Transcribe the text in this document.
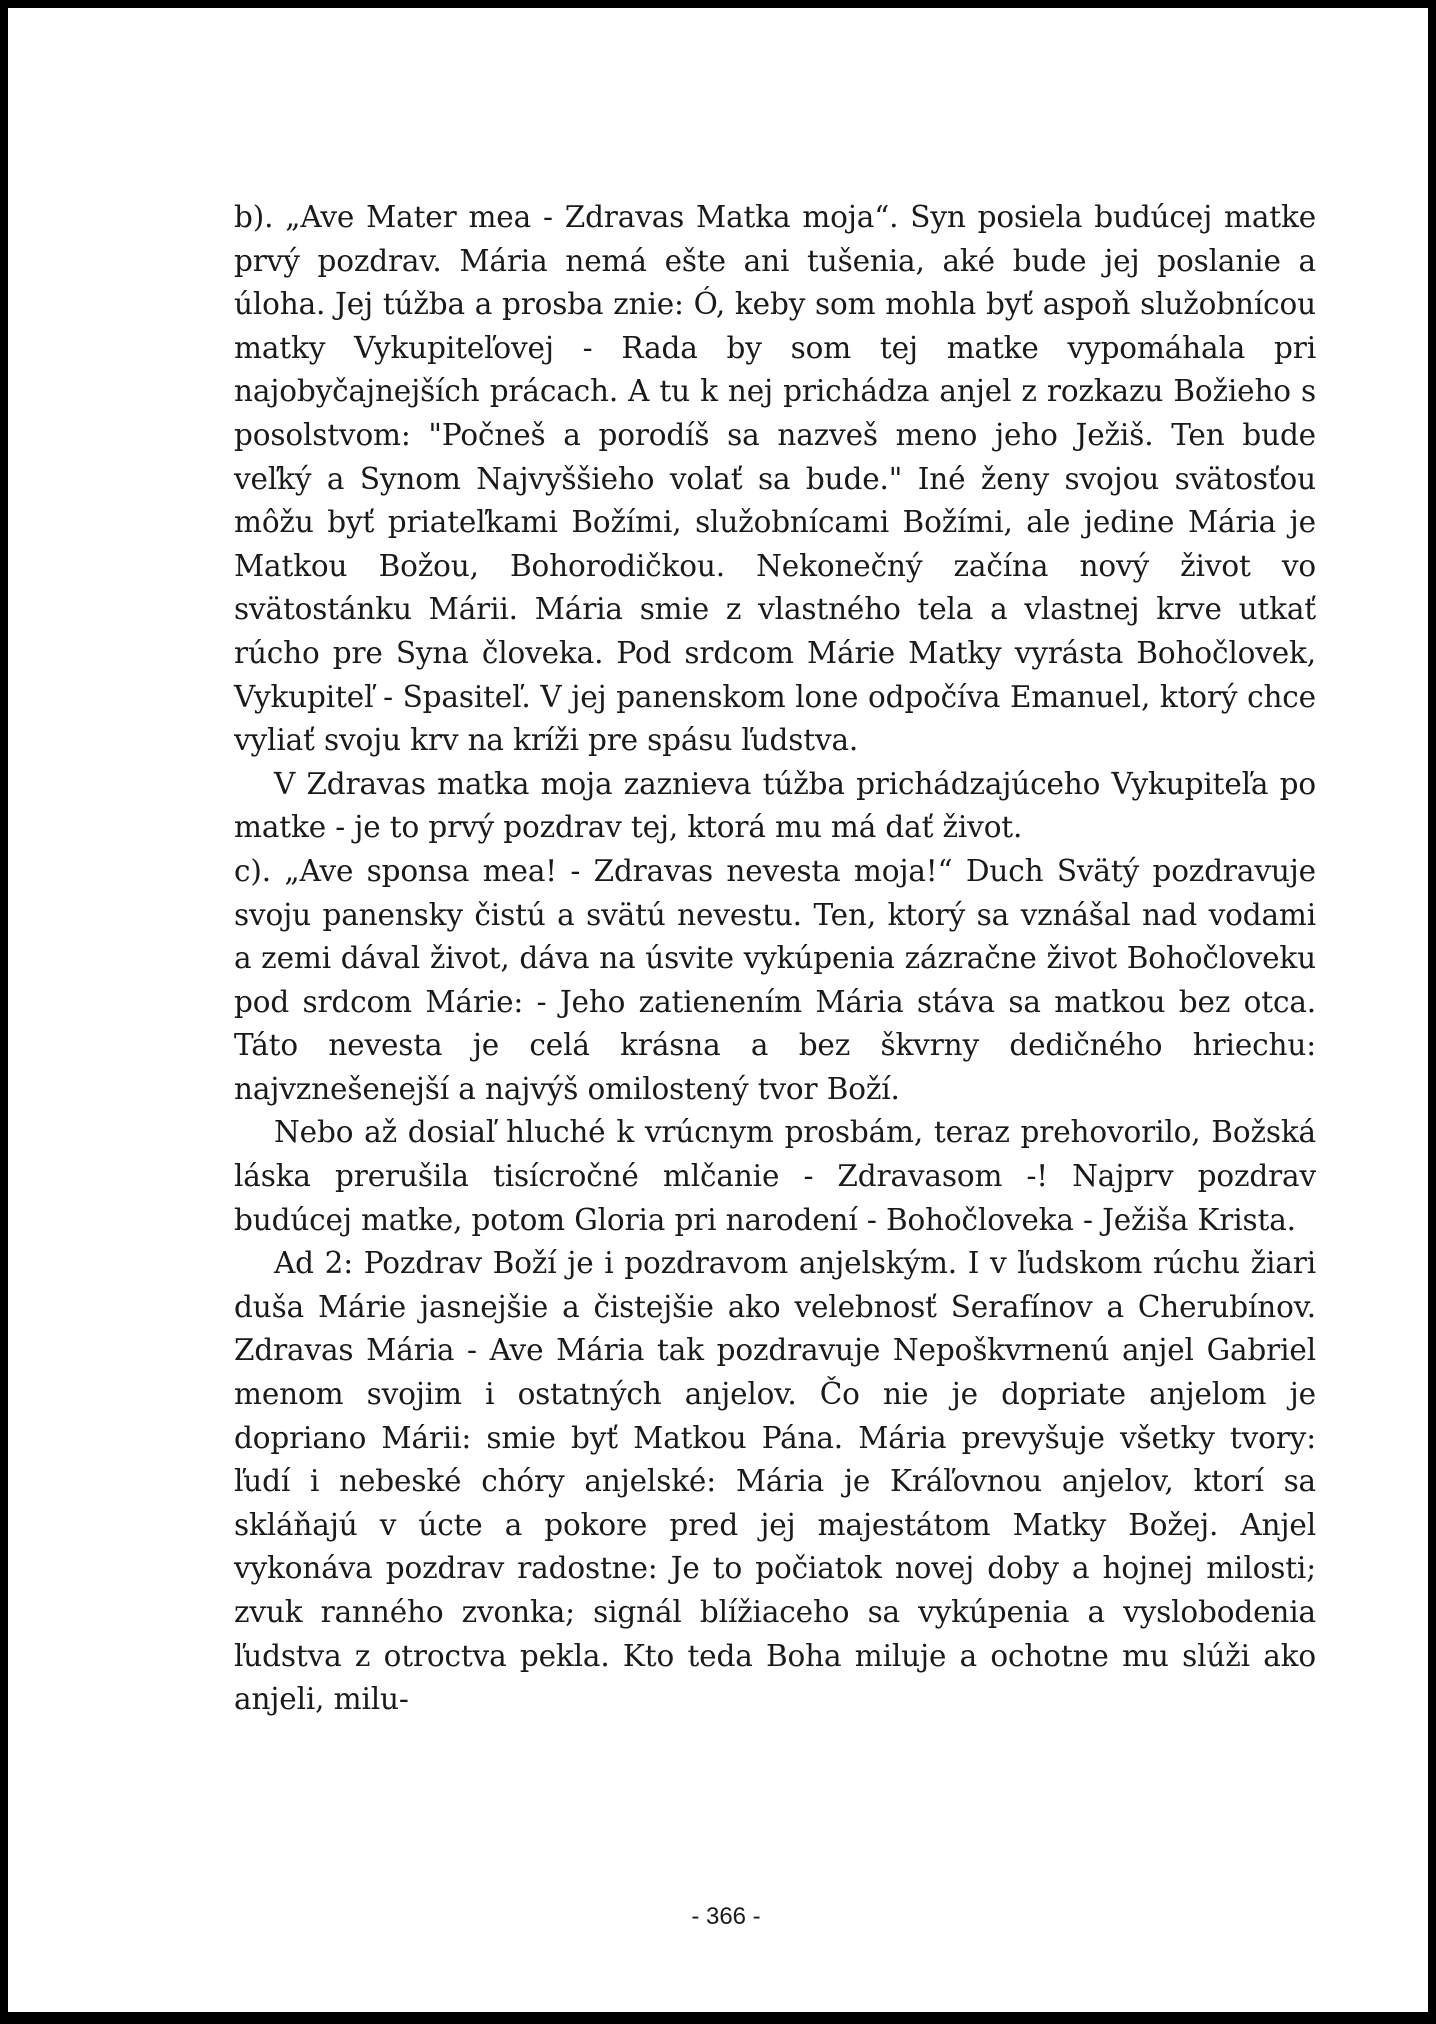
b). „Ave Mater mea - Zdravas Matka moja“. Syn posiela budúcej matke prvý pozdrav. Mária nemá ešte ani tušenia, aké bude jej poslanie a úloha. Jej túžba a prosba znie: Ó, keby som mohla byť aspoň služobnícou matky Vykupiteľovej - Rada by som tej matke vypomáhala pri najobyčajnejších prácach. A tu k nej prichádza anjel z rozkazu Božieho s posolstvom: "Počneš a porodíš sa nazveš meno jeho Ježiš. Ten bude veľký a Synom Najvyššieho volať sa bude." Iné ženy svojou svätosťou môžu byť priateľkami Božími, služobnícami Božími, ale jedine Mária je Matkou Božou, Bohorodičkou. Nekonečný začína nový život vo svätostánku Márii. Mária smie z vlastného tela a vlastnej krve utkať rúcho pre Syna človeka. Pod srdcom Márie Matky vyrásta Bohočlovek, Vykupiteľ - Spasiteľ. V jej panenskom lone odpočíva Emanuel, ktorý chce vyliať svoju krv na kríži pre spásu ľudstva.

V Zdravas matka moja zaznieva túžba prichádzajúceho Vykupiteľa po matke - je to prvý pozdrav tej, ktorá mu má dať život.

c). „Ave sponsa mea! - Zdravas nevesta moja!“ Duch Svätý pozdravuje svoju panensky čistú a svätú nevestu. Ten, ktorý sa vznášal nad vodami a zemi dával život, dáva na úsvite vykúpenia zázračne život Bohočloveku pod srdcom Márie: - Jeho zatienením Mária stáva sa matkou bez otca. Táto nevesta je celá krásna a bez škvrny dedičného hriechu: najvznešenejší a najvýš omilostený tvor Boží.

Nebo až dosiaľ hluché k vrúcnym prosbám, teraz prehovorilo, Božská láska prerušila tisícročné mlčanie - Zdravasom -! Najprv pozdrav budúcej matke, potom Gloria pri narodení - Bohočloveka - Ježiša Krista.

Ad 2: Pozdrav Boží je i pozdravom anjelským. I v ľudskom rúchu žiari duša Márie jasnejšie a čistejšie ako velebnosť Serafínov a Cherubínov. Zdravas Mária - Ave Mária tak pozdravuje Nepoškvrnenú anjel Gabriel menom svojim i ostatných anjelov. Čo nie je dopriate anjelom je dopriano Márii: smie byť Matkou Pána. Mária prevyšuje všetky tvory: ľudí i nebeské chóry anjelské: Mária je Kráľovnou anjelov, ktorí sa skláňajú v úcte a pokore pred jej majestátom Matky Božej. Anjel vykonáva pozdrav radostne: Je to počiatok novej doby a hojnej milosti; zvuk ranného zvonka; signál blížiaceho sa vykúpenia a vyslobodenia ľudstva z otroctva pekla. Kto teda Boha miluje a ochotne mu slúži ako anjeli, milu-

- 366 -
